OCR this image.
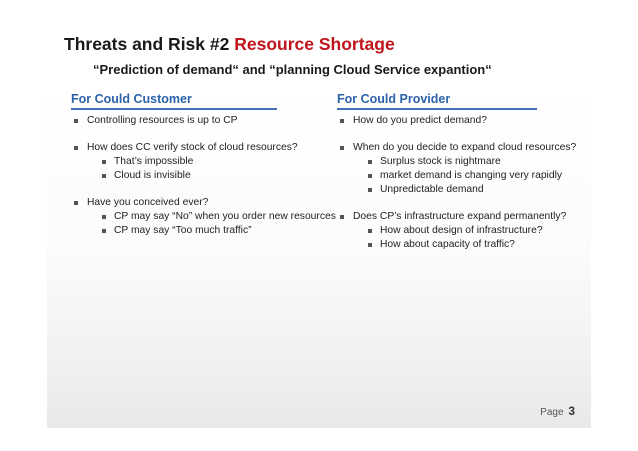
Threats and Risk #2 Resource Shortage
“Prediction of demand“ and “planning Cloud Service expantion“
For Could Customer
Controlling resources is up to CP
How does CC verify stock of cloud resources?
That’s impossible
Cloud is invisible
Have you conceived ever?
CP may say “No” when you order new resources
CP may say “Too much traffic”
For Could Provider
How do you predict demand?
When do you decide to expand cloud resources?
Surplus stock is nightmare
market demand is changing very rapidly
Unpredictable demand
Does CP’s infrastructure expand permanently?
How about design of infrastructure?
How about capacity of traffic?
Page 3
